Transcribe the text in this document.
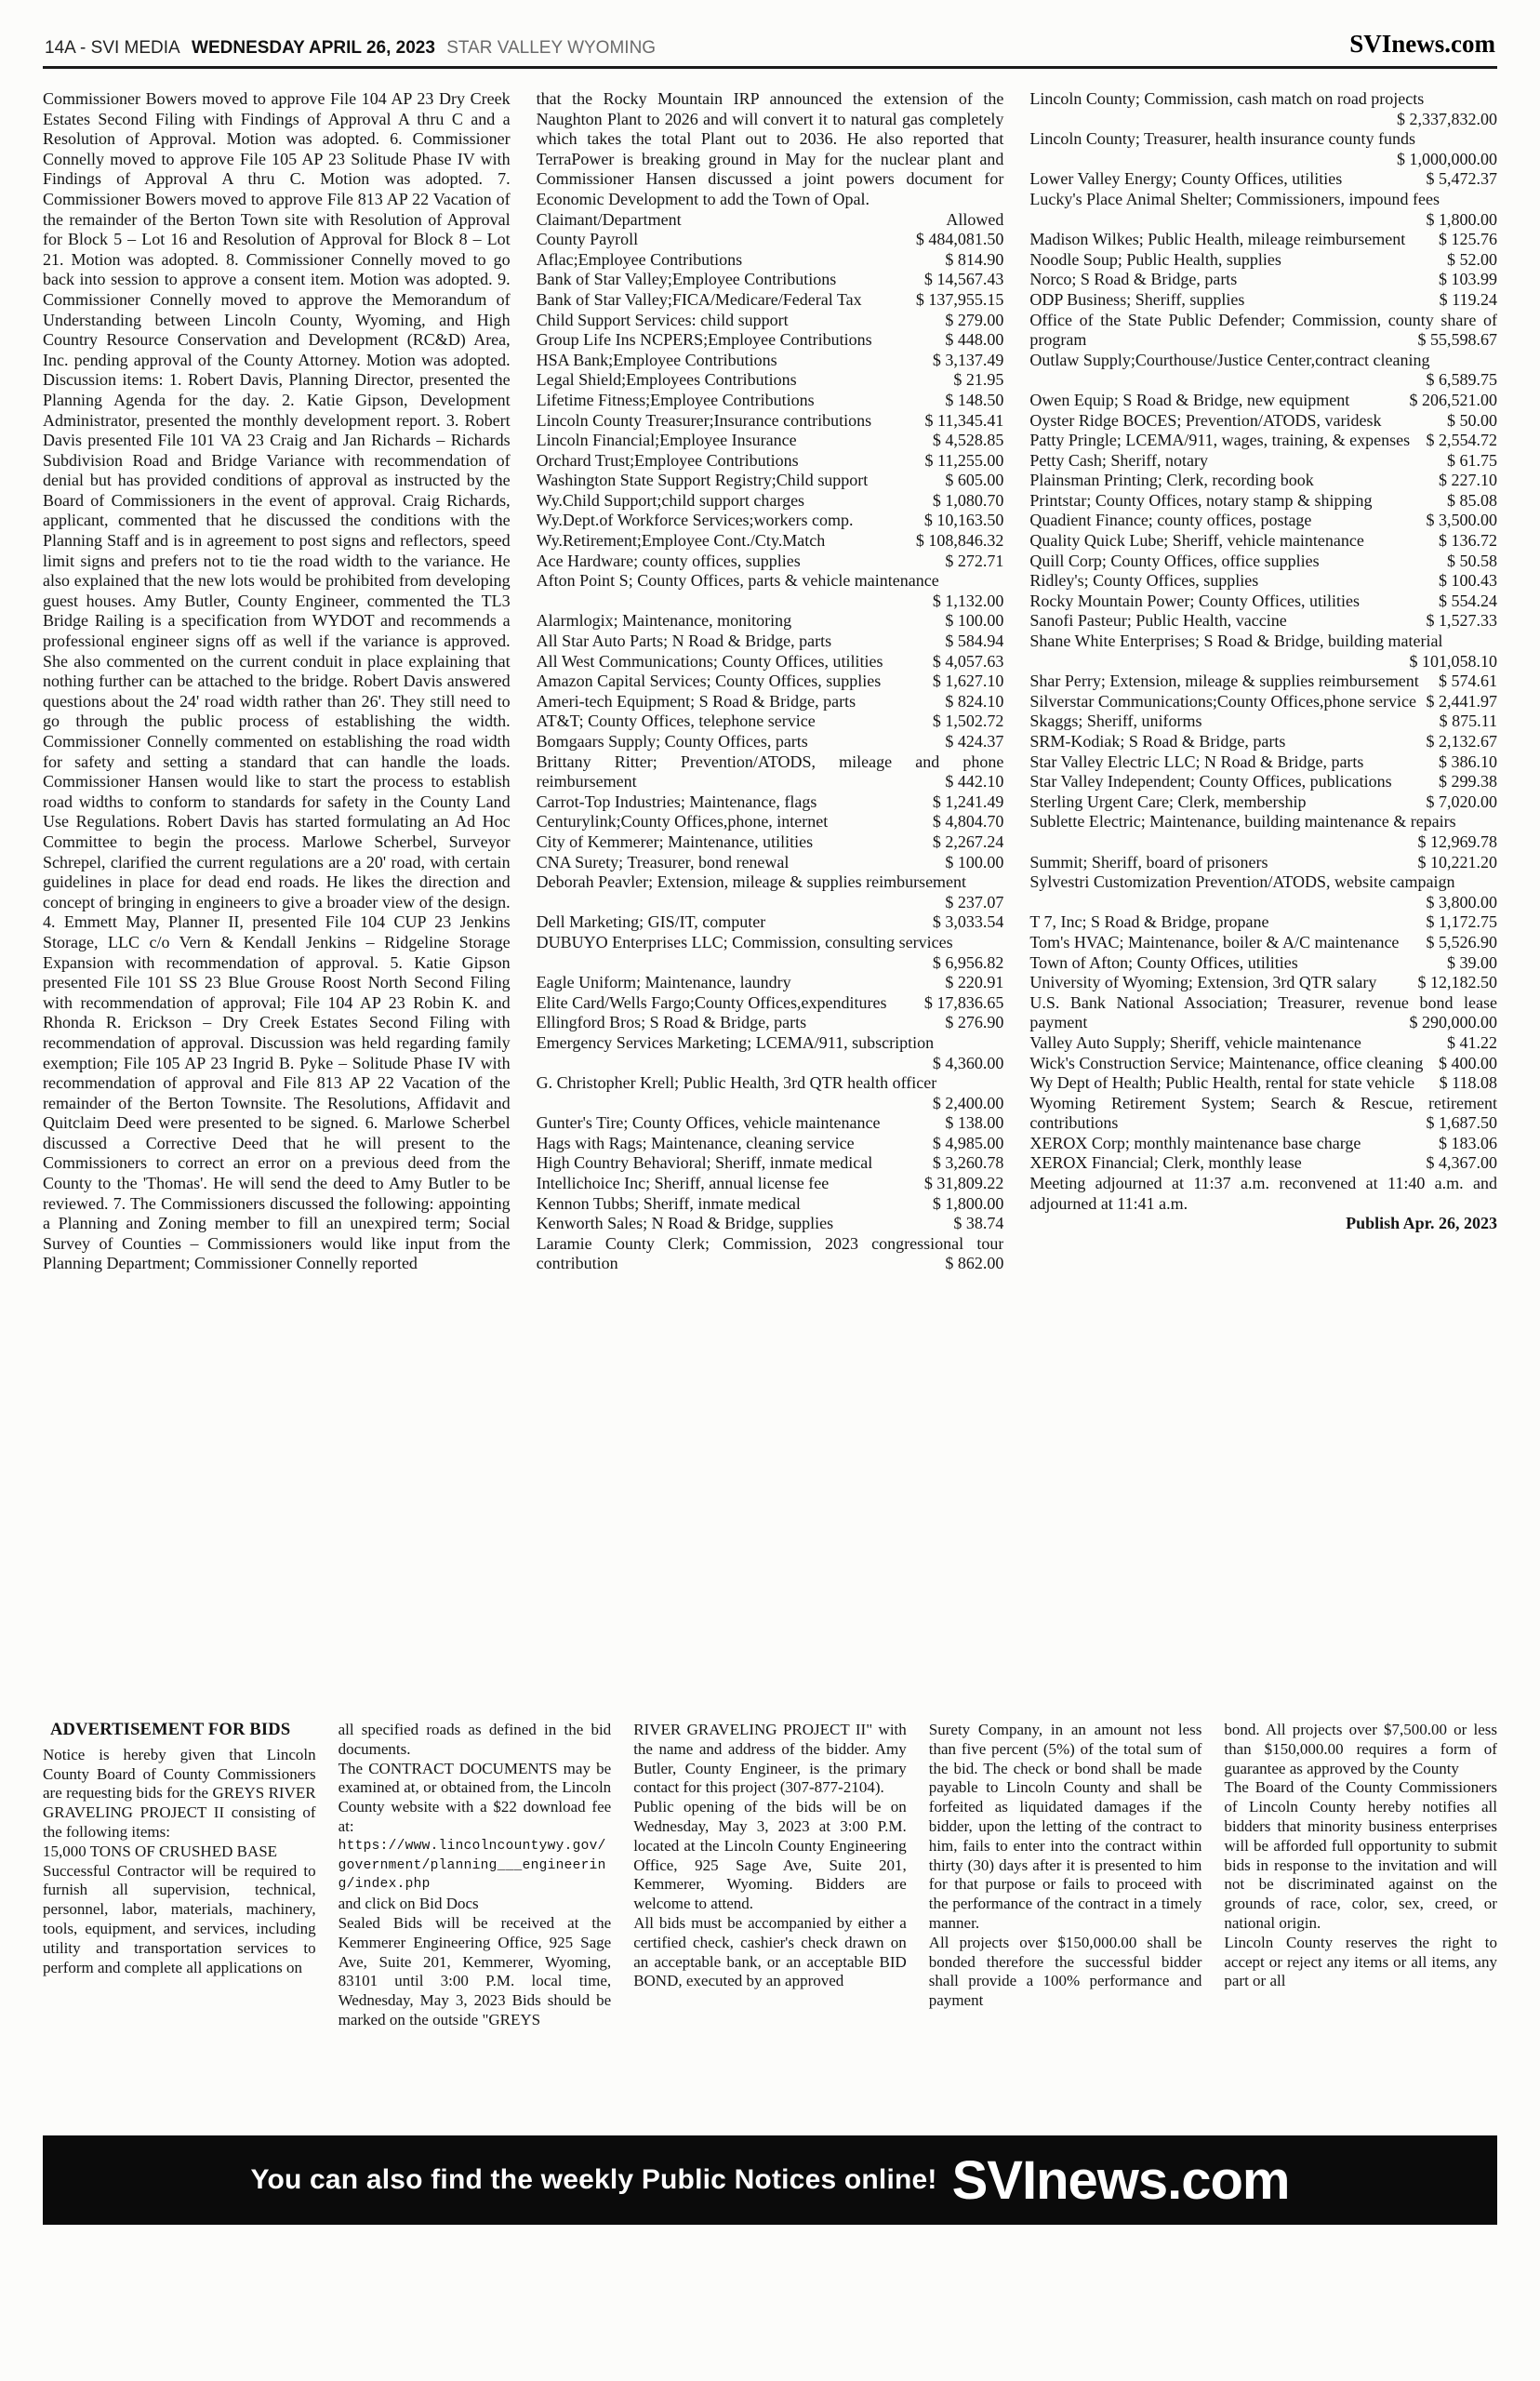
14A - SVI MEDIA WEDNESDAY APRIL 26, 2023 STAR VALLEY WYOMING	SVInews.com

Commissioner Bowers moved to approve File 104 AP 23 Dry Creek Estates Second Filing with Findings of Approval A thru C and a Resolution of Approval. Motion was adopted. 6. Commissioner Connelly moved to approve File 105 AP 23 Solitude Phase IV with Findings of Approval A thru C. Motion was adopted. 7. Commissioner Bowers moved to approve File 813 AP 22 Vacation of the remainder of the Berton Town site with Resolution of Approval for Block 5 – Lot 16 and Resolution of Approval for Block 8 – Lot 21. Motion was adopted. 8. Commissioner Connelly moved to go back into session to approve a consent item. Motion was adopted. 9. Commissioner Connelly moved to approve the Memorandum of Understanding between Lincoln County, Wyoming, and High Country Resource Conservation and Development (RC&D) Area, Inc. pending approval of the County Attorney. Motion was adopted. Discussion items: 1. Robert Davis, Planning Director, presented the Planning Agenda for the day. 2. Katie Gipson, Development Administrator, presented the monthly development report. 3. Robert Davis presented File 101 VA 23 Craig and Jan Richards – Richards Subdivision Road and Bridge Variance with recommendation of denial but has provided conditions of approval as instructed by the Board of Commissioners in the event of approval. Craig Richards, applicant, commented that he discussed the conditions with the Planning Staff and is in agreement to post signs and reflectors, speed limit signs and prefers not to tie the road width to the variance. He also explained that the new lots would be prohibited from developing guest houses. Amy Butler, County Engineer, commented the TL3 Bridge Railing is a specification from WYDOT and recommends a professional engineer signs off as well if the variance is approved. She also commented on the current conduit in place explaining that nothing further can be attached to the bridge. Robert Davis answered questions about the 24' road width rather than 26'. They still need to go through the public process of establishing the width. Commissioner Connelly commented on establishing the road width for safety and setting a standard that can handle the loads. Commissioner Hansen would like to start the process to establish road widths to conform to standards for safety in the County Land Use Regulations. Robert Davis has started formulating an Ad Hoc Committee to begin the process. Marlowe Scherbel, Surveyor Schrepel, clarified the current regulations are a 20' road, with certain guidelines in place for dead end roads. He likes the direction and concept of bringing in engineers to give a broader view of the design. 4. Emmett May, Planner II, presented File 104 CUP 23 Jenkins Storage, LLC c/o Vern & Kendall Jenkins – Ridgeline Storage Expansion with recommendation of approval. 5. Katie Gipson presented File 101 SS 23 Blue Grouse Roost North Second Filing with recommendation of approval; File 104 AP 23 Robin K. and Rhonda R. Erickson – Dry Creek Estates Second Filing with recommendation of approval. Discussion was held regarding family exemption; File 105 AP 23 Ingrid B. Pyke – Solitude Phase IV with recommendation of approval and File 813 AP 22 Vacation of the remainder of the Berton Townsite. The Resolutions, Affidavit and Quitclaim Deed were presented to be signed. 6. Marlowe Scherbel discussed a Corrective Deed that he will present to the Commissioners to correct an error on a previous deed from the County to the 'Thomas'. He will send the deed to Amy Butler to be reviewed. 7. The Commissioners discussed the following: appointing a Planning and Zoning member to fill an unexpired term; Social Survey of Counties – Commissioners would like input from the Planning Department; Commissioner Connelly reported

that the Rocky Mountain IRP announced the extension of the Naughton Plant to 2026 and will convert it to natural gas completely which takes the total Plant out to 2036. He also reported that TerraPower is breaking ground in May for the nuclear plant and Commissioner Hansen discussed a joint powers document for Economic Development to add the Town of Opal.

Claimant/Department	Allowed
County Payroll	$ 484,081.50
Aflac;Employee Contributions	$ 814.90
Bank of Star Valley;Employee Contributions	$ 14,567.43
Bank of Star Valley;FICA/Medicare/Federal Tax	$ 137,955.15
Child Support Services: child support	$ 279.00
Group Life Ins NCPERS;Employee Contributions	$ 448.00
HSA Bank;Employee Contributions	$ 3,137.49
Legal Shield;Employees Contributions	$ 21.95
Lifetime Fitness;Employee Contributions	$ 148.50
Lincoln County Treasurer;Insurance contributions	$ 11,345.41
Lincoln Financial;Employee Insurance	$ 4,528.85
Orchard Trust;Employee Contributions	$ 11,255.00
Washington State Support Registry;Child support	$ 605.00
Wy.Child Support;child support charges	$ 1,080.70
Wy.Dept.of Workforce Services;workers comp.	$ 10,163.50
Wy.Retirement;Employee Cont./Cty.Match	$ 108,846.32
Ace Hardware; county offices, supplies	$ 272.71
Afton Point S; County Offices, parts & vehicle maintenance
$ 1,132.00
Alarmlogix; Maintenance, monitoring	$ 100.00
All Star Auto Parts; N Road & Bridge, parts	$ 584.94
All West Communications; County Offices, utilities	$ 4,057.63
Amazon Capital Services; County Offices, supplies	$ 1,627.10
Ameri-tech Equipment; S Road & Bridge, parts	$ 824.10
AT&T; County Offices, telephone service	$ 1,502.72
Bomgaars Supply; County Offices, parts	$ 424.37
Brittany Ritter; Prevention/ATODS, mileage and phone reimbursement	$ 442.10
Carrot-Top Industries; Maintenance, flags	$ 1,241.49
Centurylink;County Offices,phone, internet	$ 4,804.70
City of Kemmerer; Maintenance, utilities	$ 2,267.24
CNA Surety; Treasurer, bond renewal	$ 100.00
Deborah Peavler; Extension, mileage & supplies reimbursement
$ 237.07
Dell Marketing; GIS/IT, computer	$ 3,033.54
DUBUYO Enterprises LLC; Commission, consulting services
$ 6,956.82
Eagle Uniform; Maintenance, laundry	$ 220.91
Elite Card/Wells Fargo;County Offices,expenditures	$ 17,836.65
Ellingford Bros; S Road & Bridge, parts	$ 276.90
Emergency Services Marketing; LCEMA/911, subscription
$ 4,360.00
G. Christopher Krell; Public Health, 3rd QTR health officer
$ 2,400.00
Gunter's Tire; County Offices, vehicle maintenance	$ 138.00
Hags with Rags; Maintenance, cleaning service	$ 4,985.00
High Country Behavioral; Sheriff, inmate medical	$ 3,260.78
Intellichoice Inc; Sheriff, annual license fee	$ 31,809.22
Kennon Tubbs; Sheriff, inmate medical	$ 1,800.00
Kenworth Sales; N Road & Bridge, supplies	$ 38.74
Laramie County Clerk; Commission, 2023 congressional tour contribution	$ 862.00
Lincoln County; Commission, cash match on road projects
$ 2,337,832.00
Lincoln County; Treasurer, health insurance county funds
$ 1,000,000.00
Lower Valley Energy; County Offices, utilities	$ 5,472.37
Lucky's Place Animal Shelter; Commissioners, impound fees
$ 1,800.00
Madison Wilkes; Public Health, mileage reimbursement	$ 125.76
Noodle Soup; Public Health, supplies	$ 52.00
Norco; S Road & Bridge, parts	$ 103.99
ODP Business; Sheriff, supplies	$ 119.24
Office of the State Public Defender; Commission, county share of program	$ 55,598.67
Outlaw Supply;Courthouse/Justice Center,contract cleaning
$ 6,589.75
Owen Equip; S Road & Bridge, new equipment	$ 206,521.00
Oyster Ridge BOCES; Prevention/ATODS, varidesk	$ 50.00
Patty Pringle; LCEMA/911, wages, training, & expenses $ 2,554.72
Petty Cash; Sheriff, notary	$ 61.75
Plainsman Printing; Clerk, recording book	$ 227.10
Printstar; County Offices, notary stamp & shipping	$ 85.08
Quadient Finance; county offices, postage	$ 3,500.00
Quality Quick Lube; Sheriff, vehicle maintenance	$ 136.72
Quill Corp; County Offices, office supplies	$ 50.58
Ridley's; County Offices, supplies	$ 100.43
Rocky Mountain Power; County Offices, utilities	$ 554.24
Sanofi Pasteur; Public Health, vaccine	$ 1,527.33
Shane White Enterprises; S Road & Bridge, building material
$ 101,058.10
Shar Perry; Extension, mileage & supplies reimbursement	$ 574.61
Silverstar Communications;County Offices,phone service $ 2,441.97
Skaggs; Sheriff, uniforms	$ 875.11
SRM-Kodiak; S Road & Bridge, parts	$ 2,132.67
Star Valley Electric LLC; N Road & Bridge, parts	$ 386.10
Star Valley Independent; County Offices, publications	$ 299.38
Sterling Urgent Care; Clerk, membership	$ 7,020.00
Sublette Electric; Maintenance, building maintenance & repairs
$ 12,969.78
Summit; Sheriff, board of prisoners	$ 10,221.20
Sylvestri Customization Prevention/ATODS, website campaign
$ 3,800.00
T 7, Inc; S Road & Bridge, propane	$ 1,172.75
Tom's HVAC; Maintenance, boiler & A/C maintenance	$ 5,526.90
Town of Afton; County Offices, utilities	$ 39.00
University of Wyoming; Extension, 3rd QTR salary	$ 12,182.50
U.S. Bank National Association; Treasurer, revenue bond lease payment	$ 290,000.00
Valley Auto Supply; Sheriff, vehicle maintenance	$ 41.22
Wick's Construction Service; Maintenance, office cleaning $ 400.00
Wy Dept of Health; Public Health, rental for state vehicle	$ 118.08
Wyoming Retirement System; Search & Rescue, retirement contributions	$ 1,687.50
XEROX Corp; monthly maintenance base charge	$ 183.06
XEROX Financial; Clerk, monthly lease	$ 4,367.00

Meeting adjourned at 11:37 a.m. reconvened at 11:40 a.m. and adjourned at 11:41 a.m.

Publish Apr. 26, 2023

ADVERTISEMENT FOR BIDS

Notice is hereby given that Lincoln County Board of County Commissioners are requesting bids for the GREYS RIVER GRAVELING PROJECT II consisting of the following items:

15,000 TONS OF CRUSHED BASE

Successful Contractor will be required to furnish all supervision, technical, personnel, labor, materials, machinery, tools, equipment, and services, including utility and transportation services to perform and complete all applications on

all specified roads as defined in the bid documents.

The CONTRACT DOCUMENTS may be examined at, or obtained from, the Lincoln County website with a $22 download fee at:

https://www.lincolncountywy.gov/government/planning___engineering/index.php

and click on Bid Docs

Sealed Bids will be received at the Kemmerer Engineering Office, 925 Sage Ave, Suite 201, Kemmerer, Wyoming, 83101 until 3:00 P.M. local time, Wednesday, May 3, 2023 Bids should be marked on the outside "GREYS

RIVER GRAVELING PROJECT II" with the name and address of the bidder. Amy Butler, County Engineer, is the primary contact for this project (307-877-2104).

Public opening of the bids will be on Wednesday, May 3, 2023 at 3:00 P.M. located at the Lincoln County Engineering Office, 925 Sage Ave, Suite 201, Kemmerer, Wyoming. Bidders are welcome to attend.

All bids must be accompanied by either a certified check, cashier's check drawn on an acceptable bank, or an acceptable BID BOND, executed by an approved

Surety Company, in an amount not less than five percent (5%) of the total sum of the bid. The check or bond shall be made payable to Lincoln County and shall be forfeited as liquidated damages if the bidder, upon the letting of the contract to him, fails to enter into the contract within thirty (30) days after it is presented to him for that purpose or fails to proceed with the performance of the contract in a timely manner.

All projects over $150,000.00 shall be bonded therefore the successful bidder shall provide a 100% performance and payment

bond. All projects over $7,500.00 or less than $150,000.00 requires a form of guarantee as approved by the County

The Board of the County Commissioners of Lincoln County hereby notifies all bidders that minority business enterprises will be afforded full opportunity to submit bids in response to the invitation and will not be discriminated against on the grounds of race, color, sex, creed, or national origin.

Lincoln County reserves the right to accept or reject any items or all items, any part or all

You can also find the weekly Public Notices online! SVInews.com
